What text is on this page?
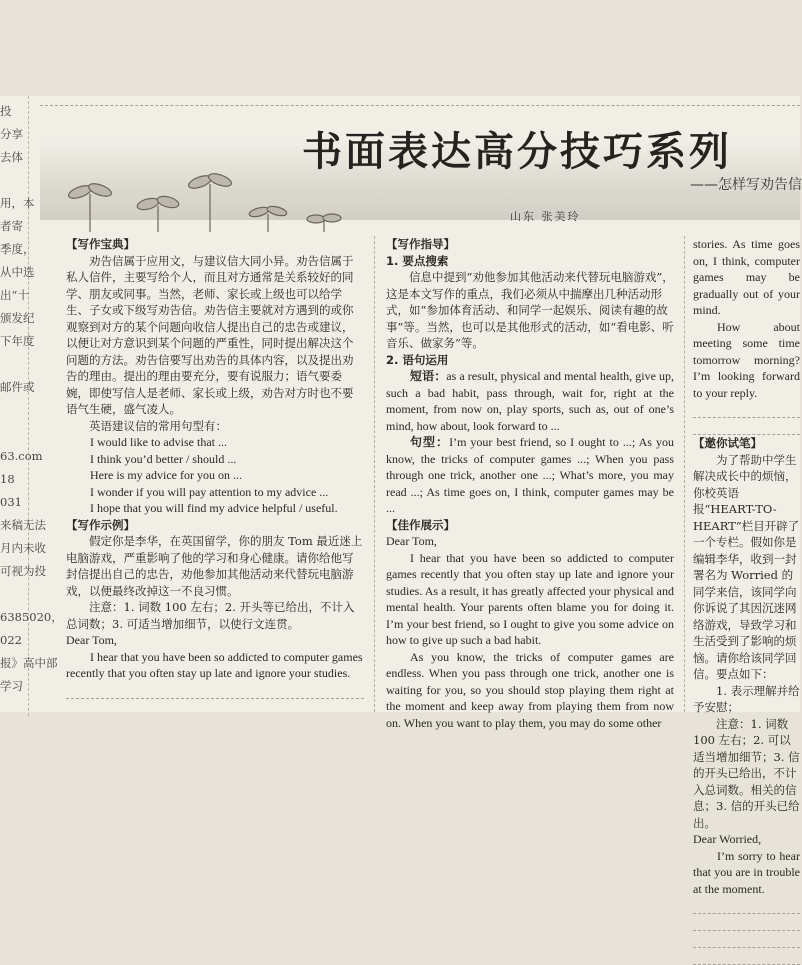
投
分享
去体
用，本
者寄
季度，
从中选
出“十
颁发纪
下年度
邮件或
63.com
18
031
来稿无法
月内未收
可视为投
6385020，
022
报》高中部
学习
书面表达高分技巧系列
——怎样写劝告信
山东 张美玲

【写作宝典】

劝告信属于应用文，与建议信大同小异。劝告信属于私人信件，主要写给个人，而且对方通常是关系较好的同学、朋友或同事。当然，老师、家长或上级也可以给学生、子女或下级写劝告信。劝告信主要就对方遇到的或你观察到对方的某个问题向收信人提出自己的忠告或建议，以便让对方意识到某个问题的严重性，同时提出解决这个问题的方法。劝告信要写出劝告的具体内容，以及提出劝告的理由。提出的理由要充分，要有说服力；语气要委婉，即使写信人是老师、家长或上级，劝告对方时也不要语气生硬，盛气凌人。

英语建议信的常用句型有：

I would like to advise that ...

I think you’d better / should ...

Here is my advice for you on ...

I wonder if you will pay attention to my advice ...

I hope that you will find my advice helpful / useful.

【写作示例】

假定你是李华，在英国留学，你的朋友 Tom 最近迷上电脑游戏，严重影响了他的学习和身心健康。请你给他写封信提出自己的忠告，劝他参加其他活动来代替玩电脑游戏，以便最终改掉这一不良习惯。

注意：1. 词数 100 左右；2. 开头等已给出，不计入总词数；3. 可适当增加细节，以使行文连贯。

Dear Tom,

I hear that you have been so addicted to computer games recently that you often stay up late and ignore your studies.

【写作指导】

1. 要点搜索

信息中提到“劝他参加其他活动来代替玩电脑游戏”，这是本文写作的重点，我们必须从中揣摩出几种活动形式，如“参加体育活动、和同学一起娱乐、阅读有趣的故事”等。当然，也可以是其他形式的活动，如“看电影、听音乐、做家务”等。

2. 语句运用

短语：as a result, physical and mental health, give up, such a bad habit, pass through, wait for, right at the moment, from now on, play sports, such as, out of one’s mind, how about, look forward to ...

句型：I’m your best friend, so I ought to ...; As you know, the tricks of computer games ...; When you pass through one trick, another one ...; What’s more, you may read ...; As time goes on, I think, computer games may be ...

【佳作展示】

Dear Tom,

I hear that you have been so addicted to computer games recently that you often stay up late and ignore your studies. As a result, it has greatly affected your physical and mental health. Your parents often blame you for doing it. I’m your best friend, so I ought to give you some advice on how to give up such a bad habit.

As you know, the tricks of computer games are endless. When you pass through one trick, another one is waiting for you, so you should stop playing them right at the moment and keep away from playing them from now on. When you want to play them, you may do some other

stories. As time goes on, I think, computer games may be gradually out of your mind.

How about meeting some time tomorrow morning? I’m looking forward to your reply.

【邀你试笔】

为了帮助中学生解决成长中的烦恼，你校英语报“HEART-TO-HEART”栏目开辟了一个专栏。假如你是编辑李华，收到一封署名为 Worried 的同学来信，该同学向你诉说了其因沉迷网络游戏，导致学习和生活受到了影响的烦恼。请你给该同学回信。要点如下：

1. 表示理解并给予安慰；

注意：1. 词数 100 左右；2. 可以适当增加细节；3. 信的开头已给出，不计入总词数。相关的信息；3. 信的开头已给出。

Dear Worried,

I’m sorry to hear that you are in trouble at the moment.
